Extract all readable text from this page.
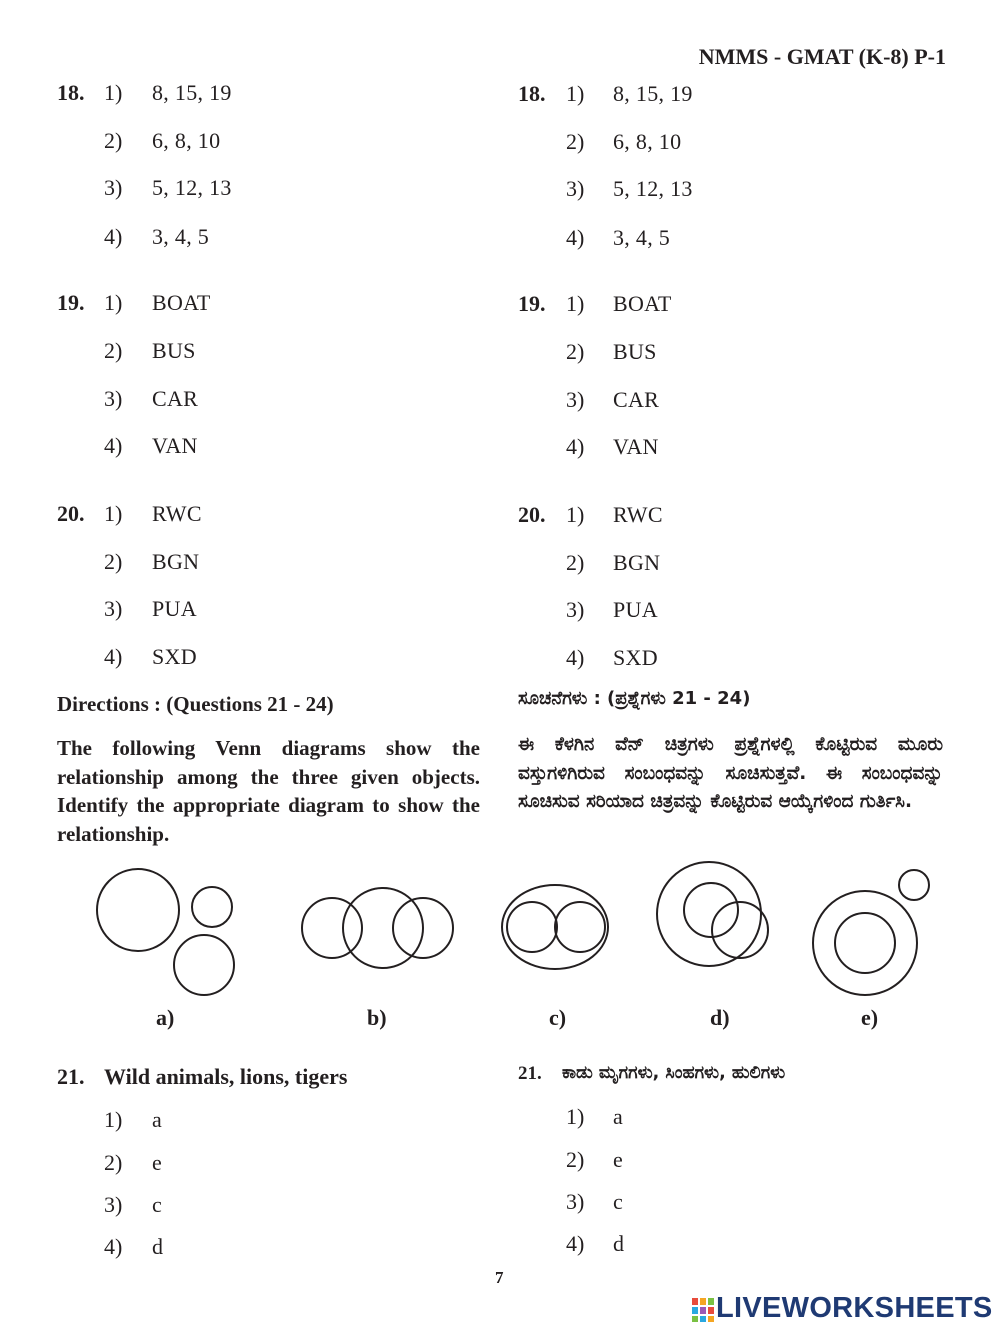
NMMS - GMAT (K-8) P-1
18. 1) 8, 15, 19
2) 6, 8, 10
3) 5, 12, 13
4) 3, 4, 5
19. 1) BOAT
2) BUS
3) CAR
4) VAN
20. 1) RWC
2) BGN
3) PUA
4) SXD
18. 1) 8, 15, 19
2) 6, 8, 10
3) 5, 12, 13
4) 3, 4, 5
19. 1) BOAT
2) BUS
3) CAR
4) VAN
20. 1) RWC
2) BGN
3) PUA
4) SXD
Directions : (Questions 21 - 24)
The following Venn diagrams show the relationship among the three given objects. Identify the appropriate diagram to show the relationship.
ಸೂಚನೆಗಳು : (ಪ್ರಶ್ನೆಗಳು 21 - 24)
ಈ ಕೆಳಗಿನ ವೆನ್ ಚಿತ್ರಗಳು ಪ್ರಶ್ನೆಗಳಲ್ಲಿ ಕೊಟ್ಟಿರುವ ಮೂರು ವಸ್ತುಗಳಿಗಿರುವ ಸಂಬಂಧವನ್ನು ಸೂಚಿಸುತ್ತವೆ. ಈ ಸಂಬಂಧವನ್ನು ಸೂಚಿಸುವ ಸರಿಯಾದ ಚಿತ್ರವನ್ನು ಕೊಟ್ಟಿರುವ ಆಯ್ಕೆಗಳಿಂದ ಗುರ್ತಿಸಿ.
a)	b)	c)	d)	e)
21. Wild animals, lions, tigers
1) a
2) e
3) c
4) d
21. ಕಾಡು ಮೃಗಗಳು, ಸಿಂಹಗಳು, ಹುಲಿಗಳು
1) a
2) e
3) c
4) d
7
LIVEWORKSHEETS
